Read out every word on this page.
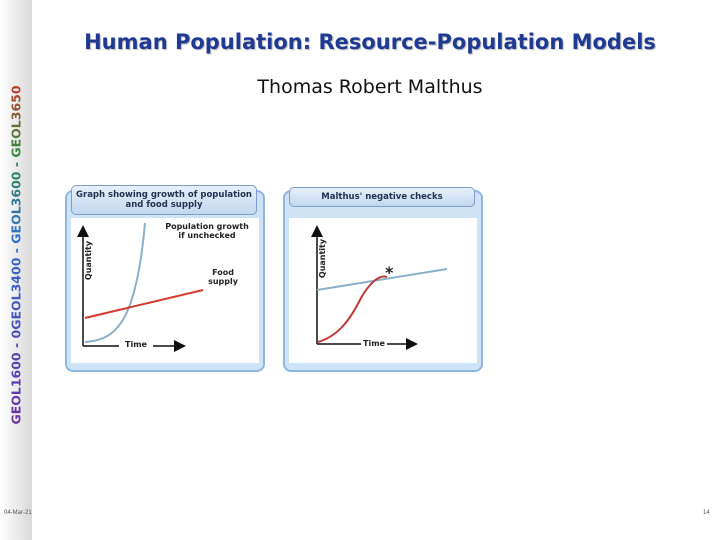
GEOL1600 - 0GEOL3400 - GEOL3600 - GEOL3650
Human Population: Resource-Population Models
Thomas Robert Malthus
Graph showing growth of population
and food supply
Quantity
Time
Population growth
if unchecked
Food
supply
Malthus' negative checks
*
Quantity
Time
04-Mar-21	14
